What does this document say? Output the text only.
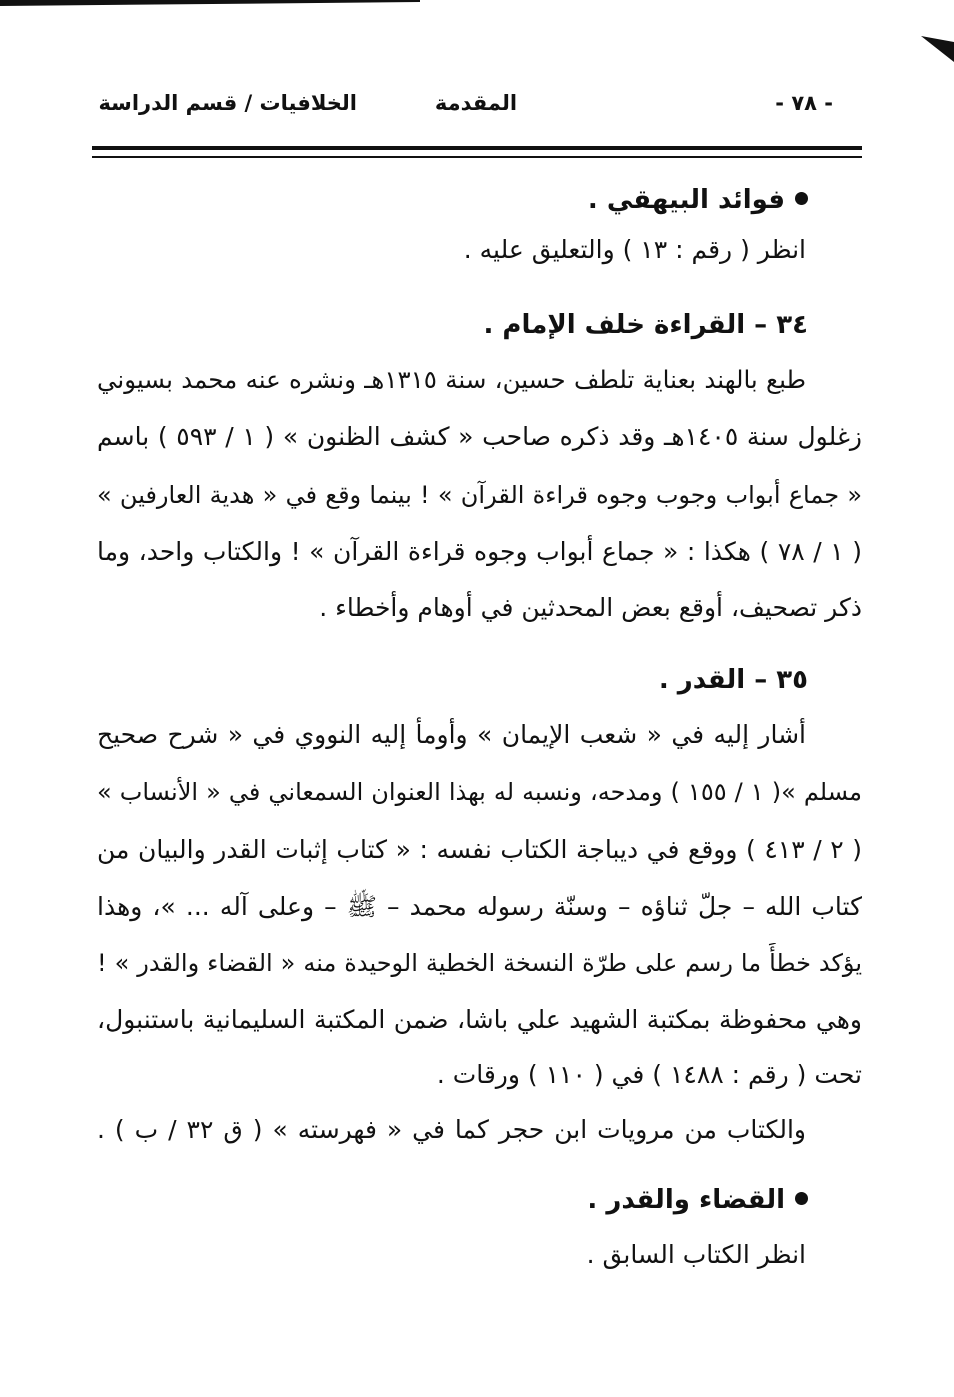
- ٧٨ -
المقدمة
الخلافيات / قسم الدراسة
فوائد البيهقي .
انظر ( رقم : ١٣ ) والتعليق عليه .
٣٤ – القراءة خلف الإمام .
طبع بالهند بعناية تلطف حسين، سنة ١٣١٥هـ ونشره عنه محمد بسيوني
زغلول سنة ١٤٠٥هـ وقد ذكره صاحب « كشف الظنون » ( ١ / ٥٩٣ ) باسم
« جماع أبواب وجوب وجوه قراءة القرآن » ! بينما وقع في « هدية العارفين »
( ١ / ٧٨ ) هكذا : « جماع أبواب وجوه قراءة القرآن » ! والكتاب واحد، وما
ذكر تصحيف، أوقع بعض المحدثين في أوهام وأخطاء .
٣٥ – القدر .
أشار إليه في « شعب الإيمان » وأومأ إليه النووي في « شرح صحيح
مسلم »( ١ / ١٥٥ ) ومدحه، ونسبه له بهذا العنوان السمعاني في « الأنساب »
( ٢ / ٤١٣ ) ووقع في ديباجة الكتاب نفسه : « كتاب إثبات القدر والبيان من
كتاب الله – جلّ ثناؤه – وسنّة رسوله محمد – ﷺ – وعلى آله ... »، وهذا
يؤكد خطأً ما رسم على طرّة النسخة الخطية الوحيدة منه « القضاء والقدر » !
وهي محفوظة بمكتبة الشهيد علي باشا، ضمن المكتبة السليمانية باستنبول،
تحت ( رقم : ١٤٨٨ ) في ( ١١٠ ) ورقات .
والكتاب من مرويات ابن حجر كما في « فهرسته » ( ق ٣٢ / ب ) .
القضاء والقدر .
انظر الكتاب السابق .
